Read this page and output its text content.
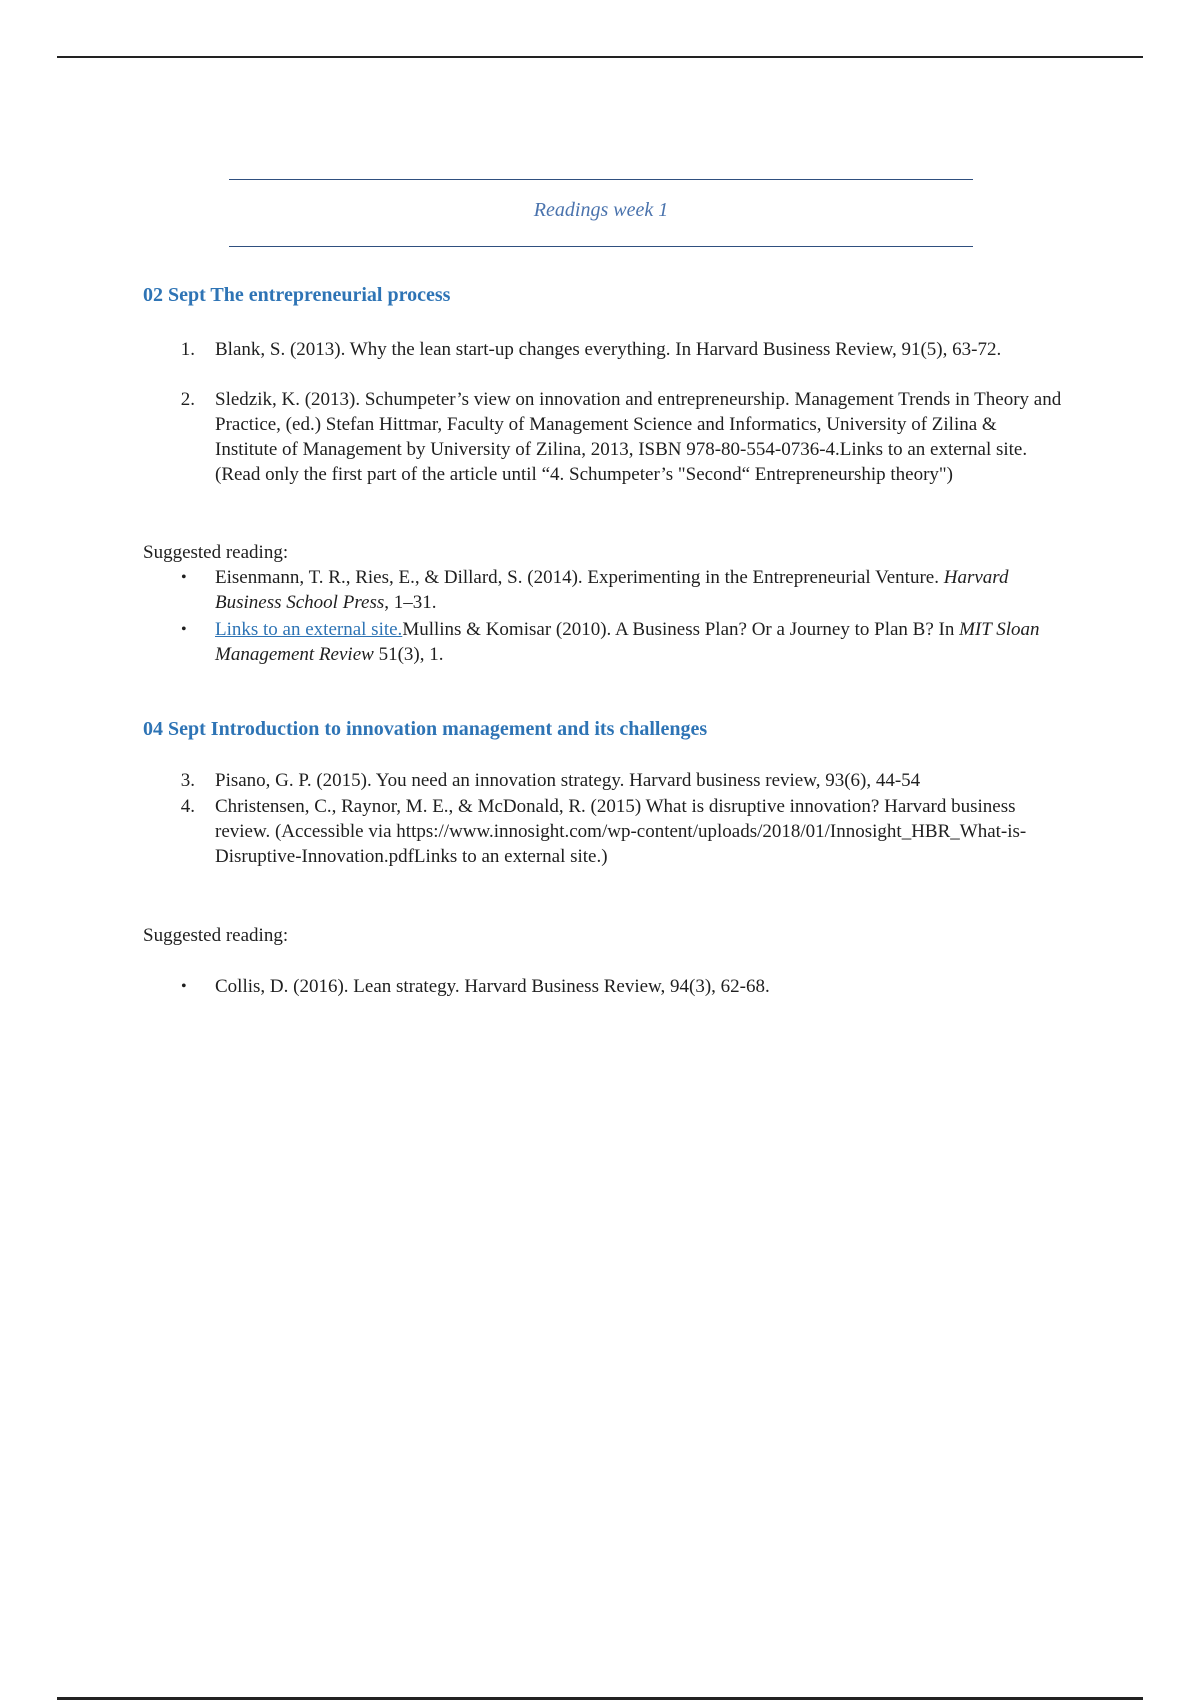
Readings week 1
02 Sept The entrepreneurial process
1. Blank, S. (2013). Why the lean start-up changes everything. In Harvard Business Review, 91(5), 63-72.
2. Sledzik, K. (2013). Schumpeter’s view on innovation and entrepreneurship. Management Trends in Theory and Practice, (ed.) Stefan Hittmar, Faculty of Management Science and Informatics, University of Zilina & Institute of Management by University of Zilina, 2013, ISBN 978-80-554-0736-4.Links to an external site. (Read only the first part of the article until “4. Schumpeter’s "Second“ Entrepreneurship theory")
Suggested reading:
•	Eisenmann, T. R., Ries, E., & Dillard, S. (2014). Experimenting in the Entrepreneurial Venture. Harvard Business School Press, 1–31.
•	Links to an external site.Mullins & Komisar (2010). A Business Plan? Or a Journey to Plan B? In MIT Sloan Management Review 51(3), 1.
04 Sept Introduction to innovation management and its challenges
3. Pisano, G. P. (2015). You need an innovation strategy. Harvard business review, 93(6), 44-54
4. Christensen, C., Raynor, M. E., & McDonald, R. (2015) What is disruptive innovation? Harvard business review. (Accessible via https://www.innosight.com/wp-content/uploads/2018/01/Innosight_HBR_What-is-Disruptive-Innovation.pdfLinks to an external site.)
Suggested reading:
•	Collis, D. (2016). Lean strategy. Harvard Business Review, 94(3), 62-68.
